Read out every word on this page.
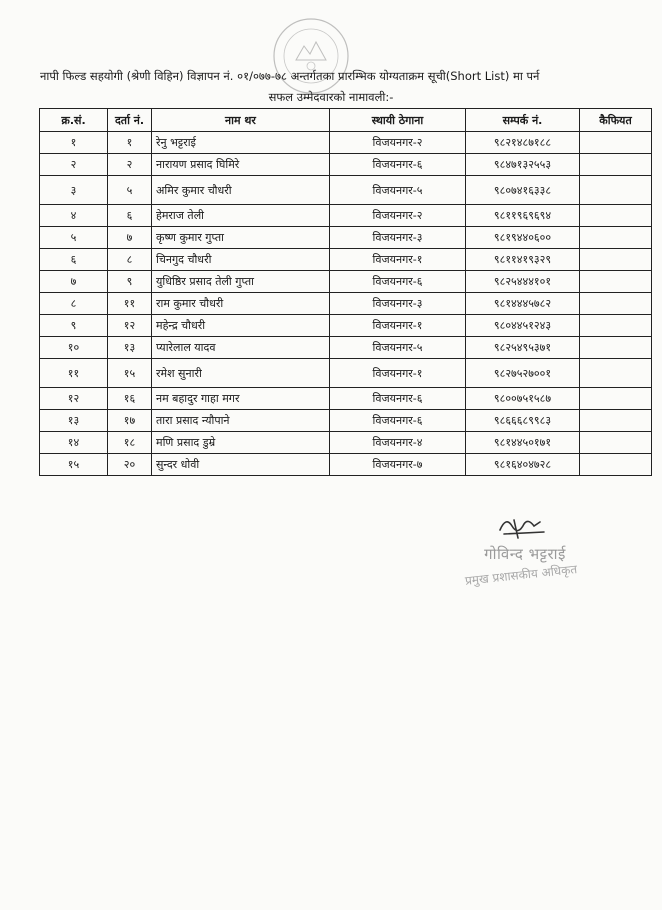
नापी फिल्ड सहयोगी (श्रेणी विहिन) विज्ञापन नं. ०१/०७७-७८ अन्तर्गतका प्रारम्भिक योग्यताक्रम सूची(Short List) मा पर्न
सफल उम्मेदवारको नामावली:-
क्र.सं.	दर्ता नं.	नाम थर	स्थायी ठेगाना	सम्पर्क नं.	कैफियत
१	१	रेनु भट्टराई	विजयनगर-२	९८२१४८७१८८	
२	२	नारायण प्रसाद घिमिरे	विजयनगर-६	९८४७१३२५५३	
३	५	अमिर कुमार चौधरी	विजयनगर-५	९८०७४१६३३८	
४	६	हेमराज तेली	विजयनगर-२	९८११९६९६९४	
५	७	कृष्ण कुमार गुप्ता	विजयनगर-३	९८१९४४०६००	
६	८	चिनगुद चौधरी	विजयनगर-१	९८११४१९३२९	
७	९	युधिष्ठिर प्रसाद तेली गुप्ता	विजयनगर-६	९८२५४४४१०१	
८	११	राम कुमार चौधरी	विजयनगर-३	९८१४४४५७८२	
९	१२	महेन्द्र चौधरी	विजयनगर-१	९८०४४५१२४३	
१०	१३	प्यारेलाल यादव	विजयनगर-५	९८२५४९५३७१	
११	१५	रमेश सुनारी	विजयनगर-१	९८२७५२७००१	
१२	१६	नम बहादुर गाहा मगर	विजयनगर-६	९८००७५१५८७	
१३	१७	तारा प्रसाद न्यौपाने	विजयनगर-६	९८६६६८९९८३	
१४	१८	मणि प्रसाद डुम्रे	विजयनगर-४	९८१४४५०१७१	
१५	२०	सुन्दर धोवी	विजयनगर-७	९८१६४०४७२८	
गोविन्द भट्टराई
प्रमुख प्रशासकीय अधिकृत
